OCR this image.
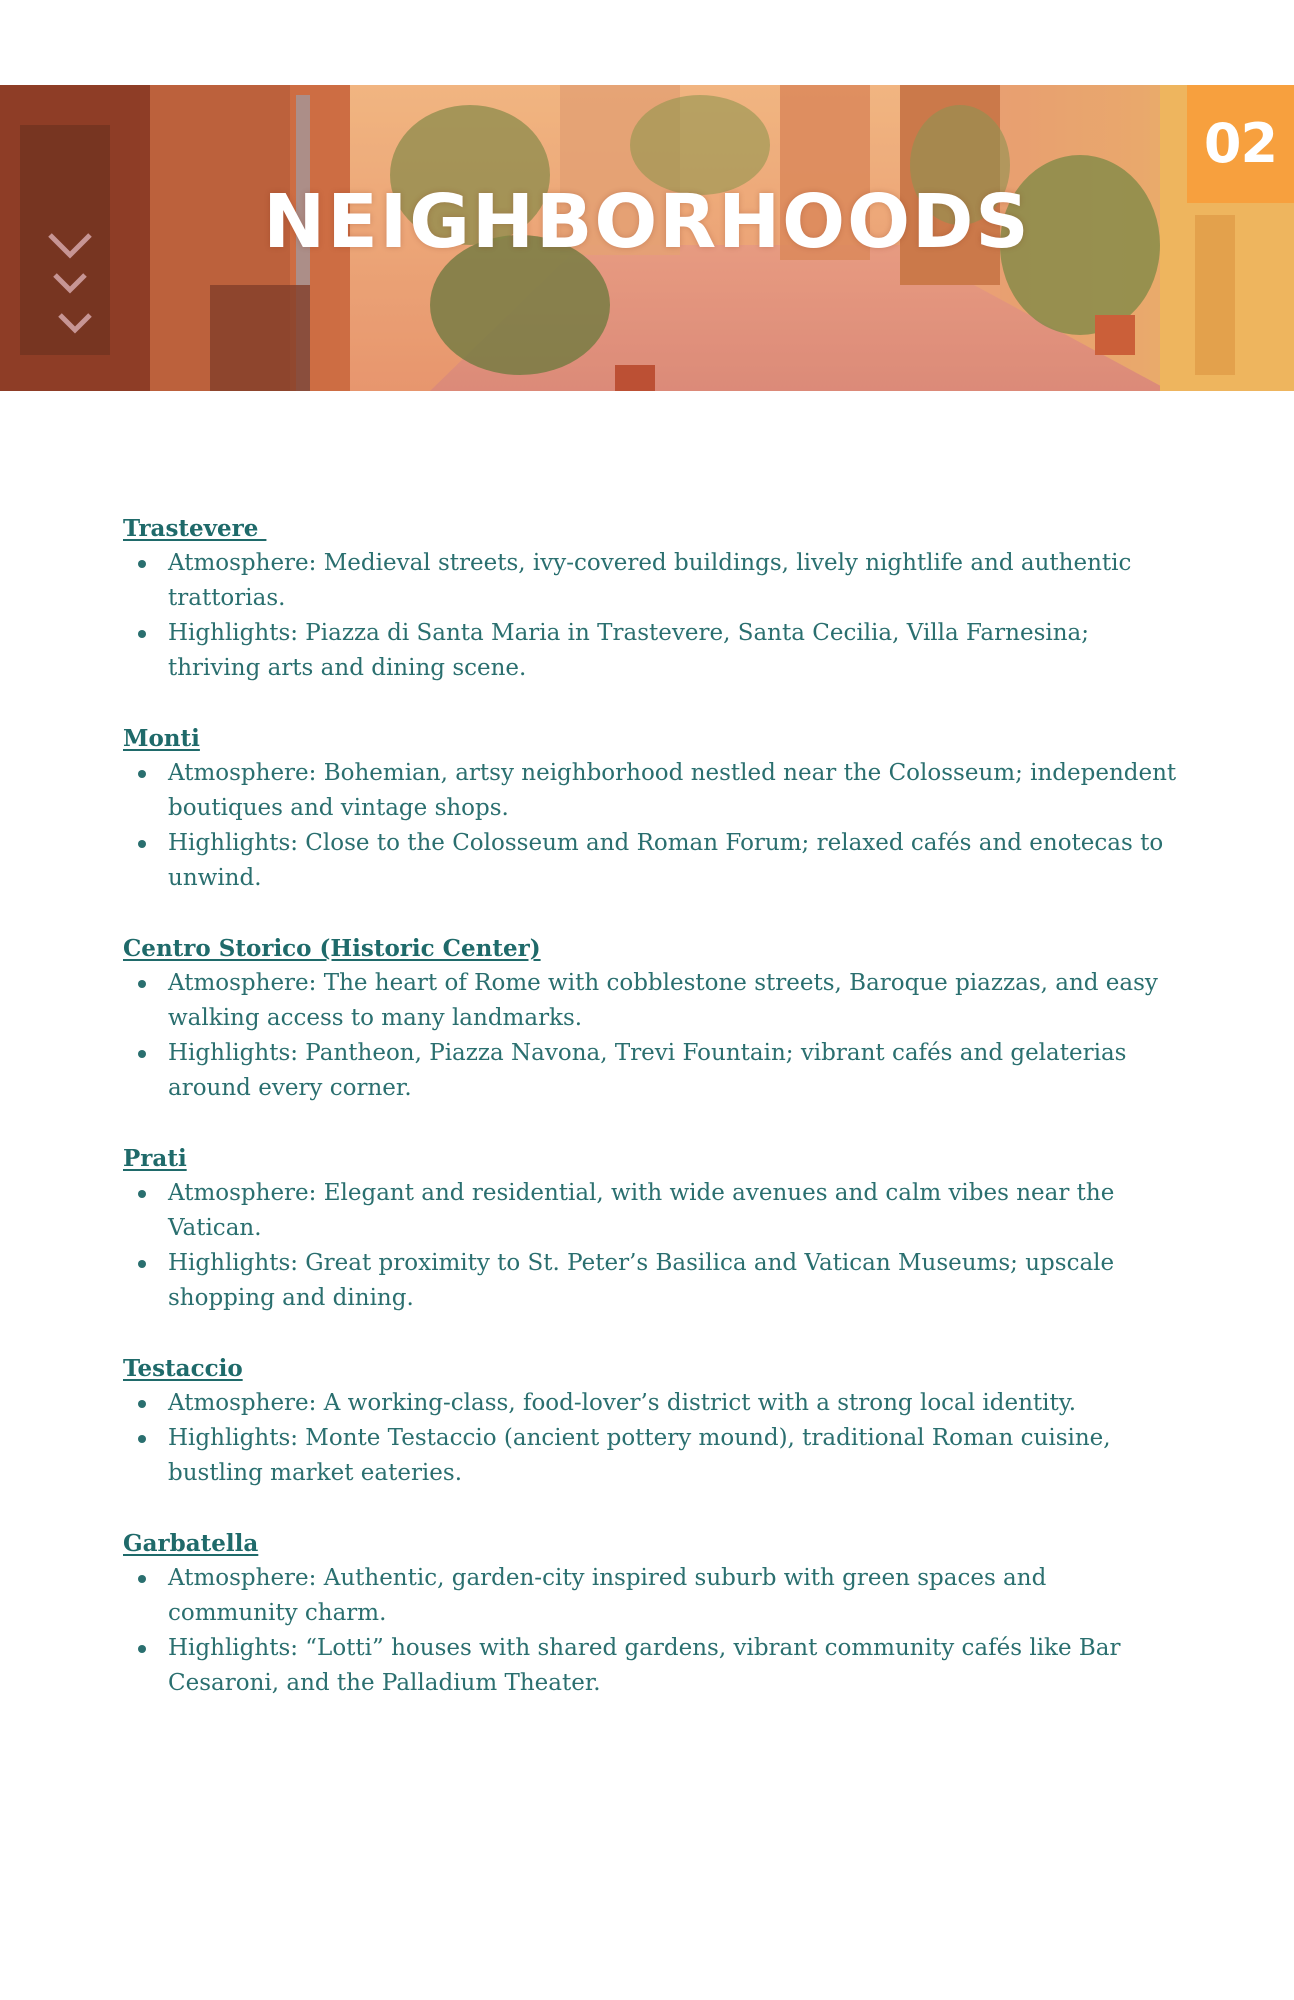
NEIGHBORHOODS
02
Trastevere
Atmosphere: Medieval streets, ivy-covered buildings, lively nightlife and authentic trattorias.
Highlights: Piazza di Santa Maria in Trastevere, Santa Cecilia, Villa Farnesina; thriving arts and dining scene.
Monti
Atmosphere: Bohemian, artsy neighborhood nestled near the Colosseum; independent boutiques and vintage shops.
Highlights: Close to the Colosseum and Roman Forum; relaxed cafés and enotecas to unwind.
Centro Storico (Historic Center)
Atmosphere: The heart of Rome with cobblestone streets, Baroque piazzas, and easy walking access to many landmarks.
Highlights: Pantheon, Piazza Navona, Trevi Fountain; vibrant cafés and gelaterias around every corner.
Prati
Atmosphere: Elegant and residential, with wide avenues and calm vibes near the Vatican.
Highlights: Great proximity to St. Peter’s Basilica and Vatican Museums; upscale shopping and dining.
Testaccio
Atmosphere: A working-class, food-lover’s district with a strong local identity.
Highlights: Monte Testaccio (ancient pottery mound), traditional Roman cuisine, bustling market eateries.
Garbatella
Atmosphere: Authentic, garden-city inspired suburb with green spaces and community charm.
Highlights: “Lotti” houses with shared gardens, vibrant community cafés like Bar Cesaroni, and the Palladium Theater.
